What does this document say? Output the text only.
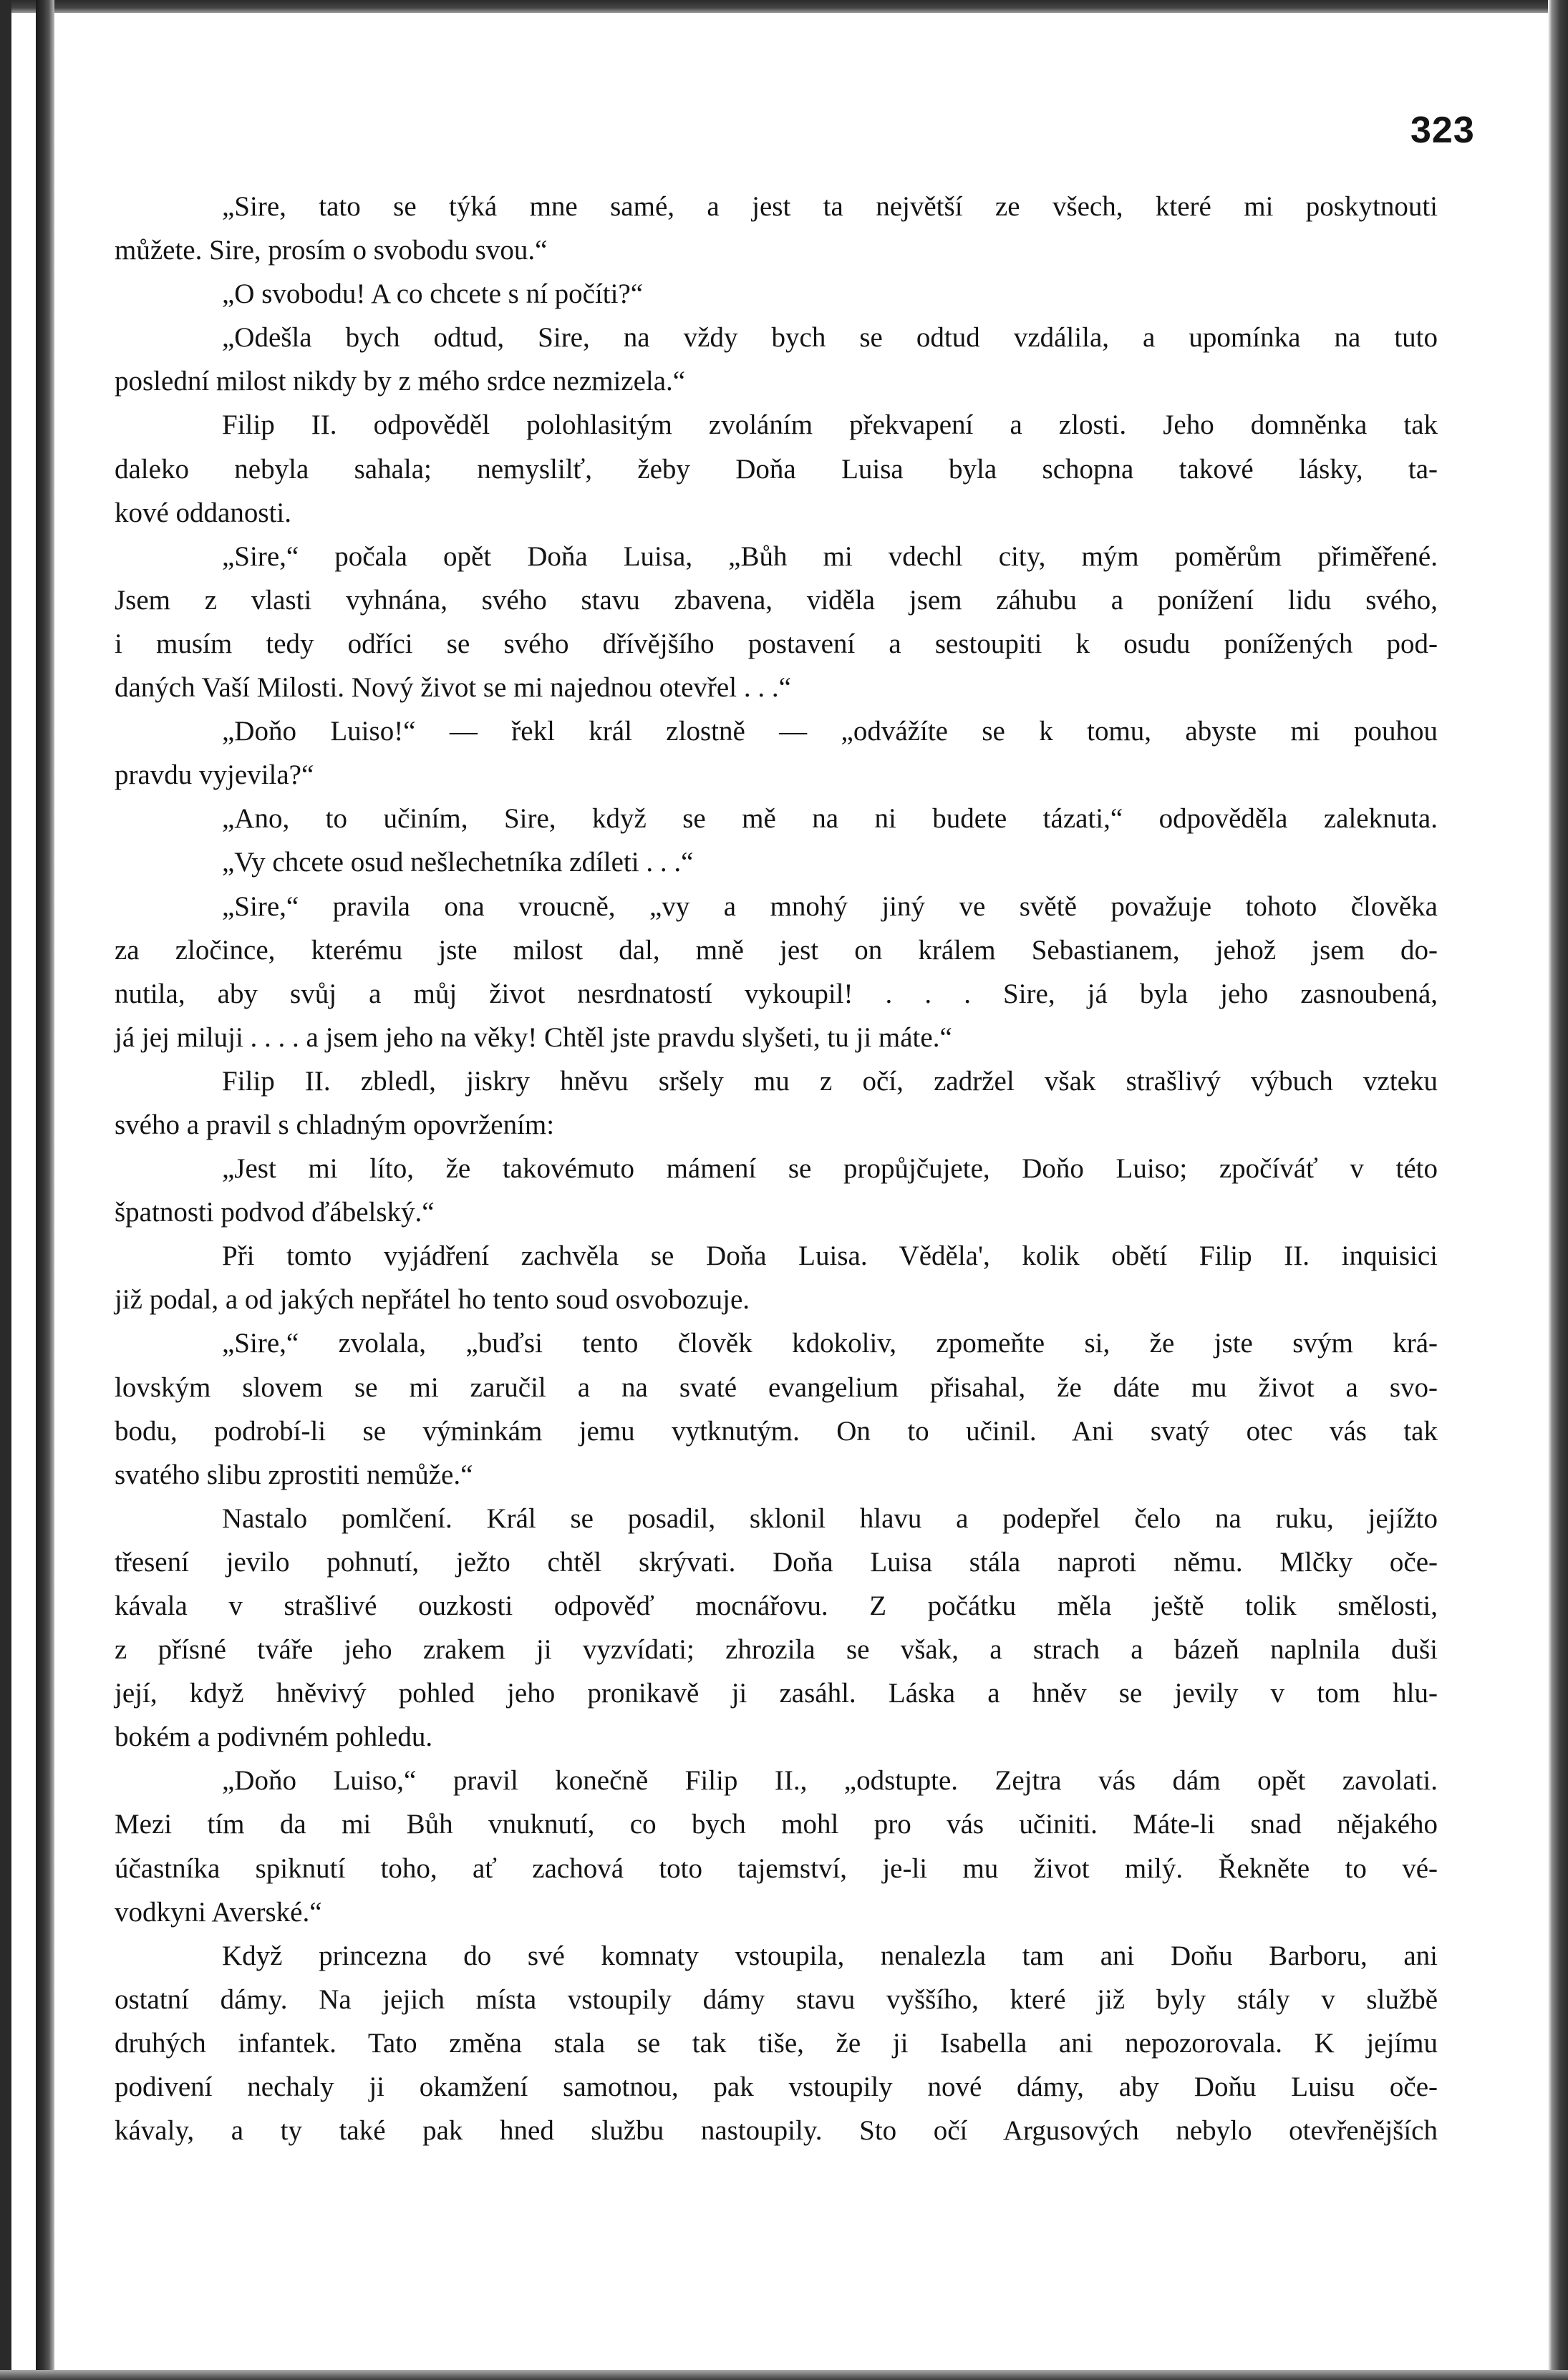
323
„Sire, tato se týká mne samé, a jest ta největší ze všech, které mi poskytnouti
můžete. Sire, prosím o svobodu svou.“
„O svobodu! A co chcete s ní počíti?“
„Odešla bych odtud, Sire, na vždy bych se odtud vzdálila, a upomínka na tuto
poslední milost nikdy by z mého srdce nezmizela.“
Filip II. odpověděl polohlasitým zvoláním překvapení a zlosti. Jeho domněnka tak
daleko nebyla sahala; nemyslilť, žeby Doňa Luisa byla schopna takové lásky, ta-
kové oddanosti.
„Sire,“ počala opět Doňa Luisa, „Bůh mi vdechl city, mým poměrům přiměřené.
Jsem z vlasti vyhnána, svého stavu zbavena, viděla jsem záhubu a ponížení lidu svého,
i musím tedy odříci se svého dřívějšího postavení a sestoupiti k osudu ponížených pod-
daných Vaší Milosti. Nový život se mi najednou otevřel . . .“
„Doňo Luiso!“ — řekl král zlostně — „odvážíte se k tomu, abyste mi pouhou
pravdu vyjevila?“
„Ano, to učiním, Sire, když se mě na ni budete tázati,“ odpověděla zaleknuta.
„Vy chcete osud nešlechetníka zdíleti . . .“
„Sire,“ pravila ona vroucně, „vy a mnohý jiný ve světě považuje tohoto člověka
za zločince, kterému jste milost dal, mně jest on králem Sebastianem, jehož jsem do-
nutila, aby svůj a můj život nesrdnatostí vykoupil! . . . Sire, já byla jeho zasnoubená,
já jej miluji . . . . a jsem jeho na věky! Chtěl jste pravdu slyšeti, tu ji máte.“
Filip II. zbledl, jiskry hněvu sršely mu z očí, zadržel však strašlivý výbuch vzteku
svého a pravil s chladným opovržením:
„Jest mi líto, že takovémuto mámení se propůjčujete, Doňo Luiso; zpočíváť v této
špatnosti podvod ďábelský.“
Při tomto vyjádření zachvěla se Doňa Luisa. Věděla', kolik obětí Filip II. inquisici
již podal, a od jakých nepřátel ho tento soud osvobozuje.
„Sire,“ zvolala, „buďsi tento člověk kdokoliv, zpomeňte si, že jste svým krá-
lovským slovem se mi zaručil a na svaté evangelium přisahal, že dáte mu život a svo-
bodu, podrobí-li se výminkám jemu vytknutým. On to učinil. Ani svatý otec vás tak
svatého slibu zprostiti nemůže.“
Nastalo pomlčení. Král se posadil, sklonil hlavu a podepřel čelo na ruku, jejížto
třesení jevilo pohnutí, ježto chtěl skrývati. Doňa Luisa stála naproti němu. Mlčky oče-
kávala v strašlivé ouzkosti odpověď mocnářovu. Z počátku měla ještě tolik smělosti,
z přísné tváře jeho zrakem ji vyzvídati; zhrozila se však, a strach a bázeň naplnila duši
její, když hněvivý pohled jeho pronikavě ji zasáhl. Láska a hněv se jevily v tom hlu-
bokém a podivném pohledu.
„Doňo Luiso,“ pravil konečně Filip II., „odstupte. Zejtra vás dám opět zavolati.
Mezi tím da mi Bůh vnuknutí, co bych mohl pro vás učiniti. Máte-li snad nějakého
účastníka spiknutí toho, ať zachová toto tajemství, je-li mu život milý. Řekněte to vé-
vodkyni Averské.“
Když princezna do své komnaty vstoupila, nenalezla tam ani Doňu Barboru, ani
ostatní dámy. Na jejich místa vstoupily dámy stavu vyššího, které již byly stály v službě
druhých infantek. Tato změna stala se tak tiše, že ji Isabella ani nepozorovala. K jejímu
podivení nechaly ji okamžení samotnou, pak vstoupily nové dámy, aby Doňu Luisu oče-
kávaly, a ty také pak hned službu nastoupily. Sto očí Argusových nebylo otevřenějších
